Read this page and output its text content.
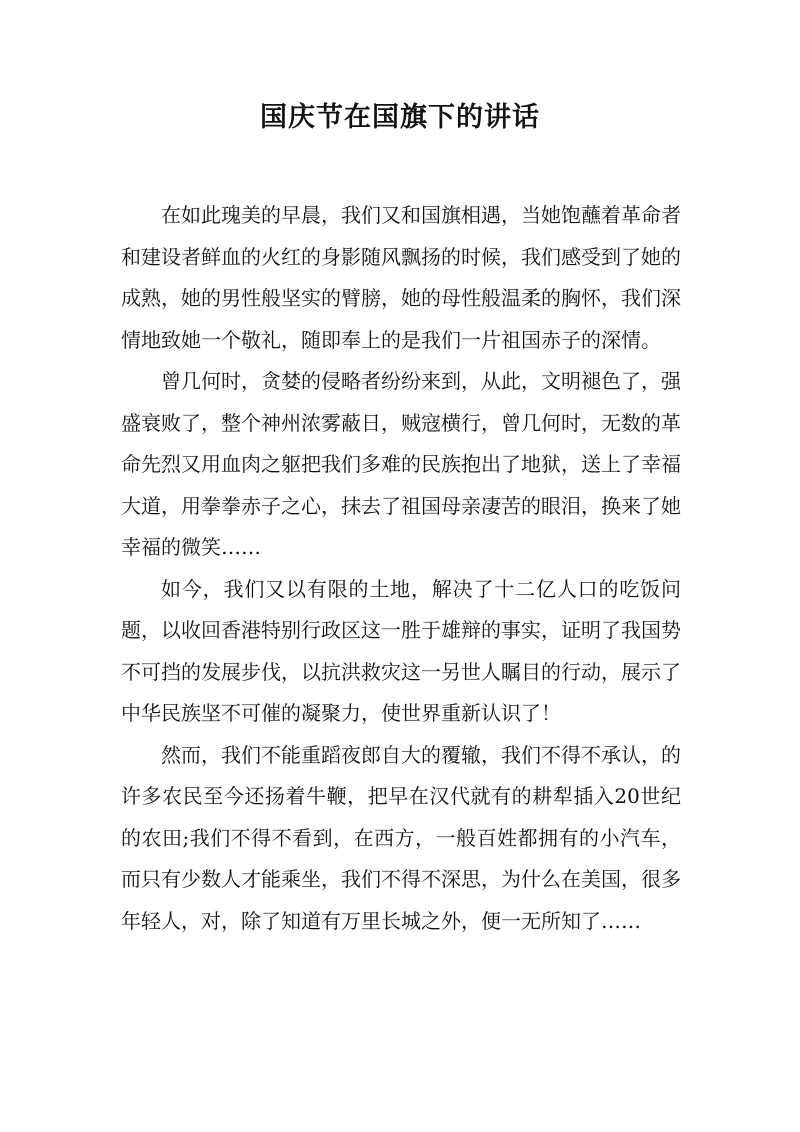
国庆节在国旗下的讲话

在如此瑰美的早晨，我们又和国旗相遇，当她饱蘸着革命者和建设者鲜血的火红的身影随风飘扬的时候，我们感受到了她的成熟，她的男性般坚实的臂膀，她的母性般温柔的胸怀，我们深情地致她一个敬礼，随即奉上的是我们一片祖国赤子的深情。

曾几何时，贪婪的侵略者纷纷来到，从此，文明褪色了，强盛衰败了，整个神州浓雾蔽日，贼寇横行，曾几何时，无数的革命先烈又用血肉之躯把我们多难的民族抱出了地狱，送上了幸福大道，用拳拳赤子之心，抹去了祖国母亲凄苦的眼泪，换来了她幸福的微笑……

如今，我们又以有限的土地，解决了十二亿人口的吃饭问题，以收回香港特别行政区这一胜于雄辩的事实，证明了我国势不可挡的发展步伐，以抗洪救灾这一另世人瞩目的行动，展示了中华民族坚不可催的凝聚力，使世界重新认识了！

然而，我们不能重蹈夜郎自大的覆辙，我们不得不承认，的许多农民至今还扬着牛鞭，把早在汉代就有的耕犁插入20世纪的农田;我们不得不看到，在西方，一般百姓都拥有的小汽车，而只有少数人才能乘坐，我们不得不深思，为什么在美国，很多年轻人，对，除了知道有万里长城之外，便一无所知了……
